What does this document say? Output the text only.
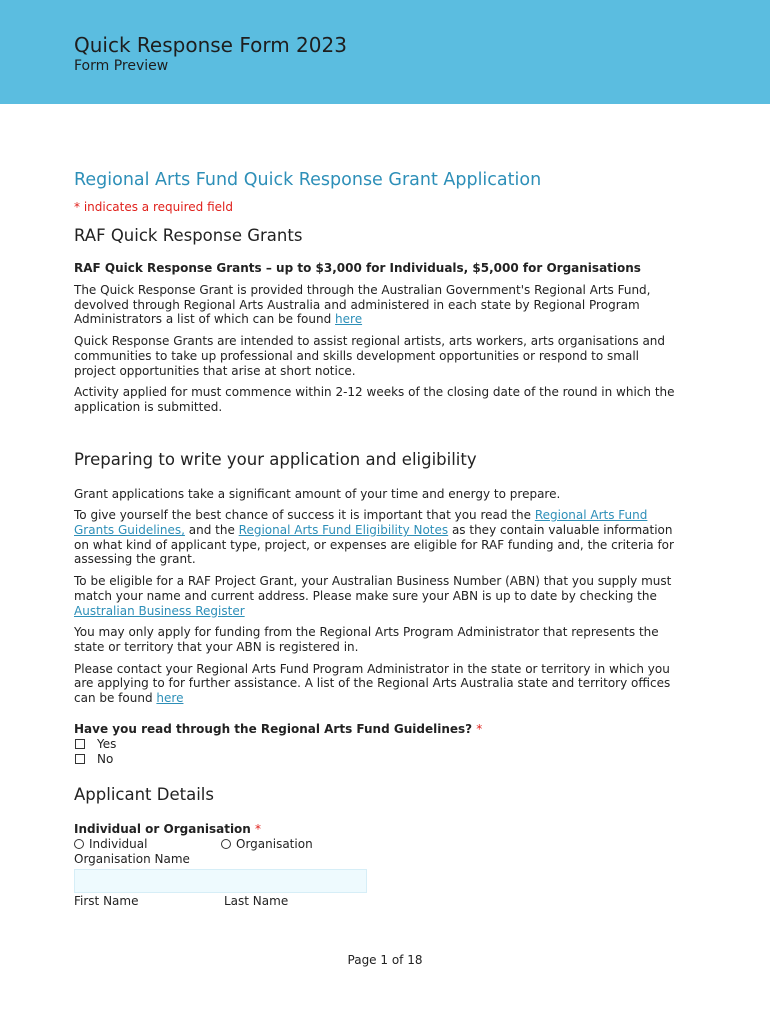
Quick Response Form 2023
Form Preview
Regional Arts Fund Quick Response Grant Application
* indicates a required field
RAF Quick Response Grants
RAF Quick Response Grants – up to $3,000 for Individuals, $5,000 for Organisations

The Quick Response Grant is provided through the Australian Government's Regional Arts Fund, devolved through Regional Arts Australia and administered in each state by Regional Program Administrators a list of which can be found here

Quick Response Grants are intended to assist regional artists, arts workers, arts organisations and communities to take up professional and skills development opportunities or respond to small project opportunities that arise at short notice.

Activity applied for must commence within 2-12 weeks of the closing date of the round in which the application is submitted.

Preparing to write your application and eligibility

Grant applications take a significant amount of your time and energy to prepare.

To give yourself the best chance of success it is important that you read the Regional Arts Fund Grants Guidelines, and the Regional Arts Fund Eligibility Notes as they contain valuable information on what kind of applicant type, project, or expenses are eligible for RAF funding and, the criteria for assessing the grant.

To be eligible for a RAF Project Grant, your Australian Business Number (ABN) that you supply must match your name and current address. Please make sure your ABN is up to date by checking the Australian Business Register

You may only apply for funding from the Regional Arts Program Administrator that represents the state or territory that your ABN is registered in.

Please contact your Regional Arts Fund Program Administrator in the state or territory in which you are applying to for further assistance. A list of the Regional Arts Australia state and territory offices can be found here

Have you read through the Regional Arts Fund Guidelines? *
Yes
No
Applicant Details
Individual or Organisation *
Individual	Organisation
Organisation Name
First Name	Last Name
Page 1 of 18
